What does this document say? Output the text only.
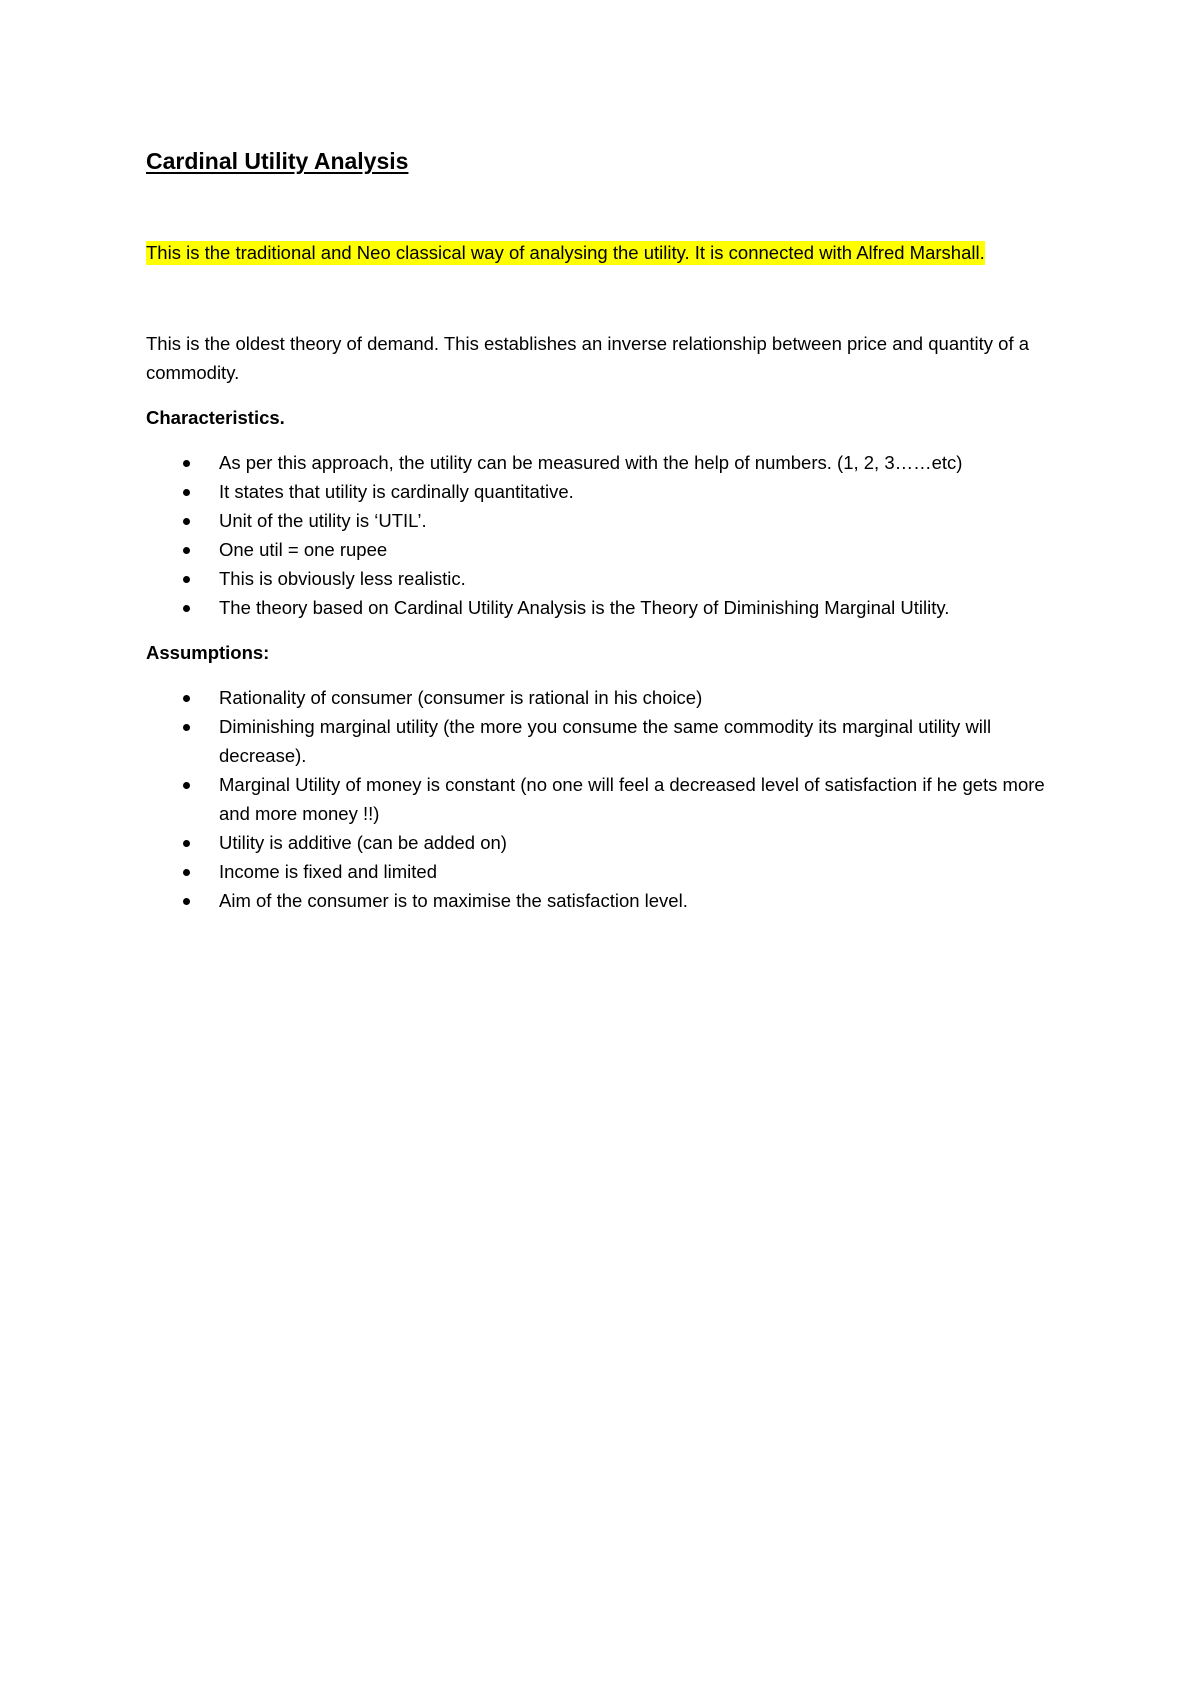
Cardinal Utility Analysis

This is the traditional and Neo classical way of analysing the utility. It is connected with Alfred Marshall.

This is the oldest theory of demand. This establishes an inverse relationship between price and quantity of a commodity.

Characteristics.

As per this approach, the utility can be measured with the help of numbers. (1, 2, 3……etc)
It states that utility is cardinally quantitative.
Unit of the utility is ‘UTIL’.
One util = one rupee
This is obviously less realistic.
The theory based on Cardinal Utility Analysis is the Theory of Diminishing Marginal Utility.

Assumptions:

Rationality of consumer (consumer is rational in his choice)
Diminishing marginal utility (the more you consume the same commodity its marginal utility will decrease).
Marginal Utility of money is constant (no one will feel a decreased level of satisfaction if he gets more and more money !!)
Utility is additive (can be added on)
Income is fixed and limited
Aim of the consumer is to maximise the satisfaction level.
